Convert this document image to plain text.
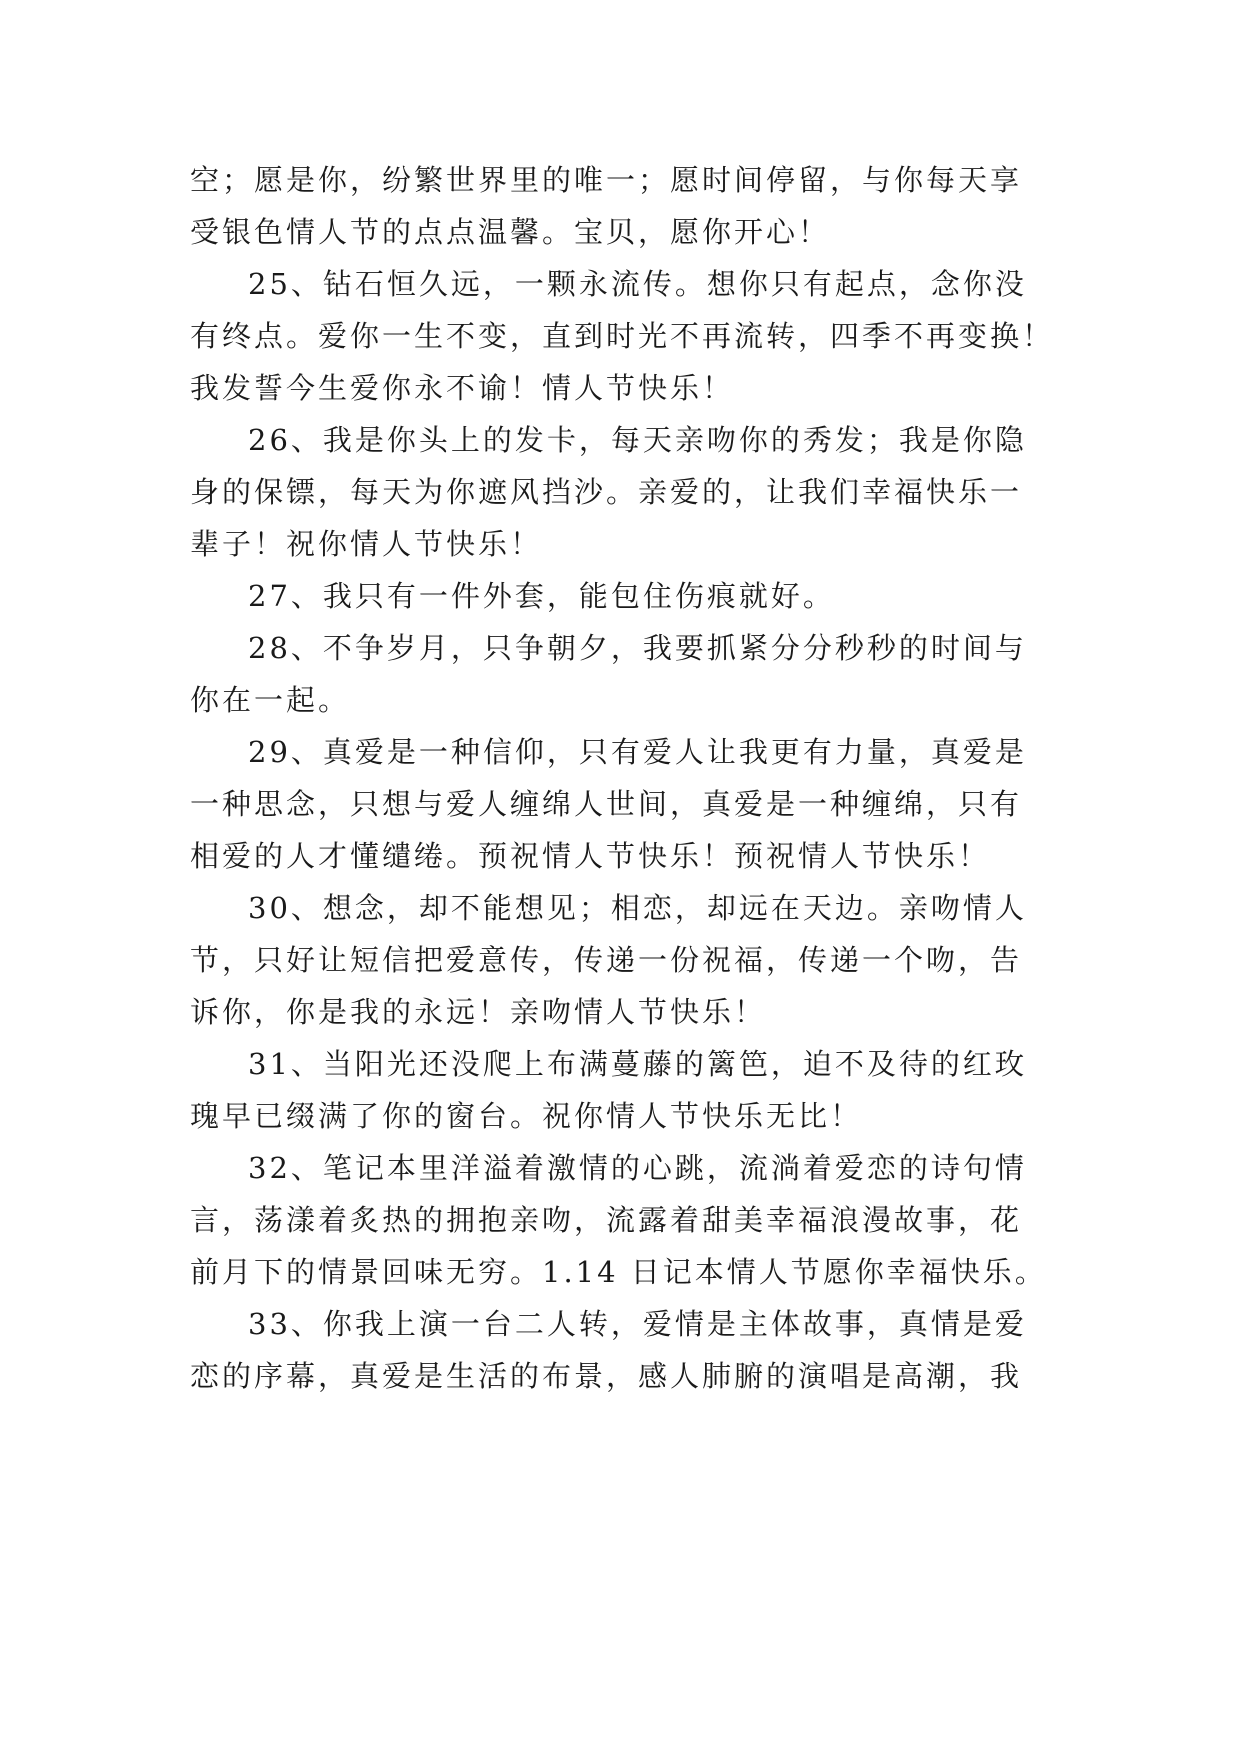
空；愿是你，纷繁世界里的唯一；愿时间停留，与你每天享
受银色情人节的点点温馨。宝贝，愿你开心！
25、钻石恒久远，一颗永流传。想你只有起点，念你没
有终点。爱你一生不变，直到时光不再流转，四季不再变换！
我发誓今生爱你永不谕！情人节快乐！
26、我是你头上的发卡，每天亲吻你的秀发；我是你隐
身的保镖，每天为你遮风挡沙。亲爱的，让我们幸福快乐一
辈子！祝你情人节快乐！
27、我只有一件外套，能包住伤痕就好。
28、不争岁月，只争朝夕，我要抓紧分分秒秒的时间与
你在一起。
29、真爱是一种信仰，只有爱人让我更有力量，真爱是
一种思念，只想与爱人缠绵人世间，真爱是一种缠绵，只有
相爱的人才懂缱绻。预祝情人节快乐！预祝情人节快乐！
30、想念，却不能想见；相恋，却远在天边。亲吻情人
节，只好让短信把爱意传，传递一份祝福，传递一个吻，告
诉你，你是我的永远！亲吻情人节快乐！
31、当阳光还没爬上布满蔓藤的篱笆，迫不及待的红玫
瑰早已缀满了你的窗台。祝你情人节快乐无比！
32、笔记本里洋溢着激情的心跳，流淌着爱恋的诗句情
言，荡漾着炙热的拥抱亲吻，流露着甜美幸福浪漫故事，花
前月下的情景回味无穷。1.14 日记本情人节愿你幸福快乐。
33、你我上演一台二人转，爱情是主体故事，真情是爱
恋的序幕，真爱是生活的布景，感人肺腑的演唱是高潮，我
